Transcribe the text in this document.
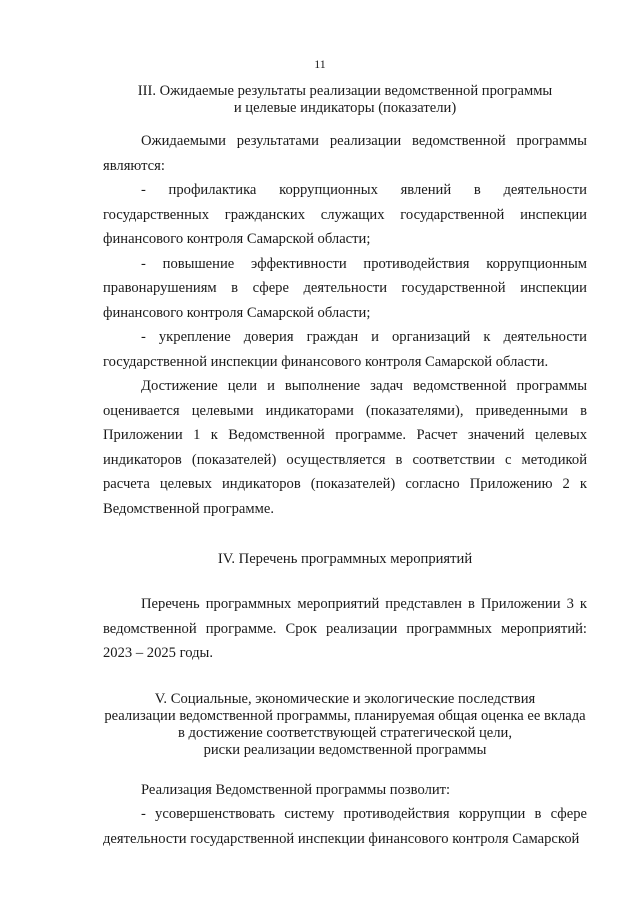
11
III. Ожидаемые результаты реализации ведомственной программы
и целевые индикаторы (показатели)

Ожидаемыми результатами реализации ведомственной программы являются:

- профилактика коррупционных явлений в деятельности государственных гражданских служащих государственной инспекции финансового контроля Самарской области;

- повышение эффективности противодействия коррупционным правонарушениям в сфере деятельности государственной инспекции финансового контроля Самарской области;

- укрепление доверия граждан и организаций к деятельности государственной инспекции финансового контроля Самарской области.

Достижение цели и выполнение задач ведомственной программы оценивается целевыми индикаторами (показателями), приведенными в Приложении 1 к Ведомственной программе. Расчет значений целевых индикаторов (показателей) осуществляется в соответствии с методикой расчета целевых индикаторов (показателей) согласно Приложению 2 к Ведомственной программе.

IV. Перечень программных мероприятий

Перечень программных мероприятий представлен в Приложении 3 к ведомственной программе. Срок реализации программных мероприятий: 2023 – 2025 годы.

V. Социальные, экономические и экологические последствия
реализации ведомственной программы, планируемая общая оценка ее вклада
в достижение соответствующей стратегической цели,
риски реализации ведомственной программы

Реализация Ведомственной программы позволит:

- усовершенствовать систему противодействия коррупции в сфере деятельности государственной инспекции финансового контроля Самарской
